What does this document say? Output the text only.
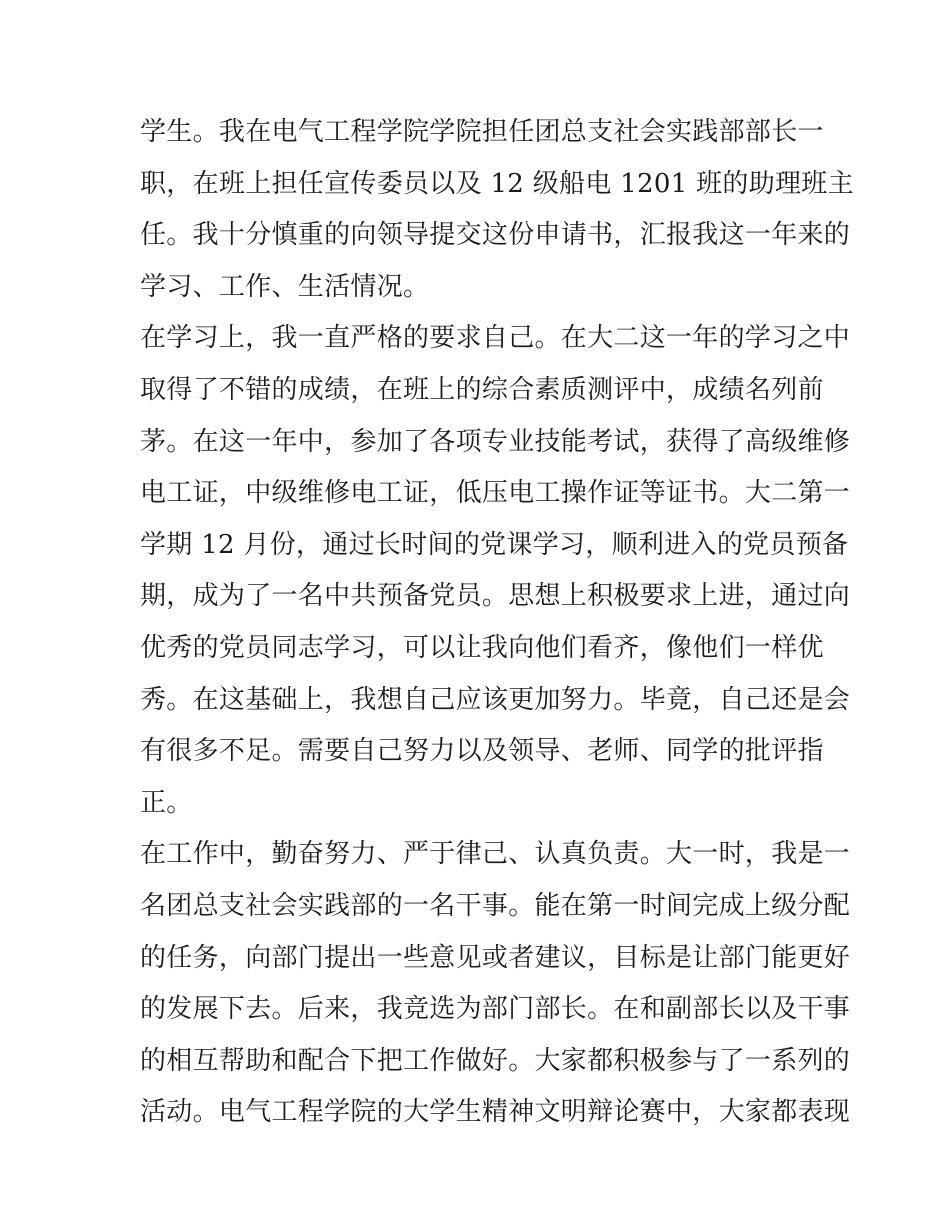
学生。我在电气工程学院学院担任团总支社会实践部部长一
职，在班上担任宣传委员以及 12 级船电 1201 班的助理班主
任。我十分慎重的向领导提交这份申请书，汇报我这一年来的
学习、工作、生活情况。
在学习上，我一直严格的要求自己。在大二这一年的学习之中
取得了不错的成绩，在班上的综合素质测评中，成绩名列前
茅。在这一年中，参加了各项专业技能考试，获得了高级维修
电工证，中级维修电工证，低压电工操作证等证书。大二第一
学期 12 月份，通过长时间的党课学习，顺利进入的党员预备
期，成为了一名中共预备党员。思想上积极要求上进，通过向
优秀的党员同志学习，可以让我向他们看齐，像他们一样优
秀。在这基础上，我想自己应该更加努力。毕竟，自己还是会
有很多不足。需要自己努力以及领导、老师、同学的批评指
正。
在工作中，勤奋努力、严于律己、认真负责。大一时，我是一
名团总支社会实践部的一名干事。能在第一时间完成上级分配
的任务，向部门提出一些意见或者建议，目标是让部门能更好
的发展下去。后来，我竞选为部门部长。在和副部长以及干事
的相互帮助和配合下把工作做好。大家都积极参与了一系列的
活动。电气工程学院的大学生精神文明辩论赛中，大家都表现
